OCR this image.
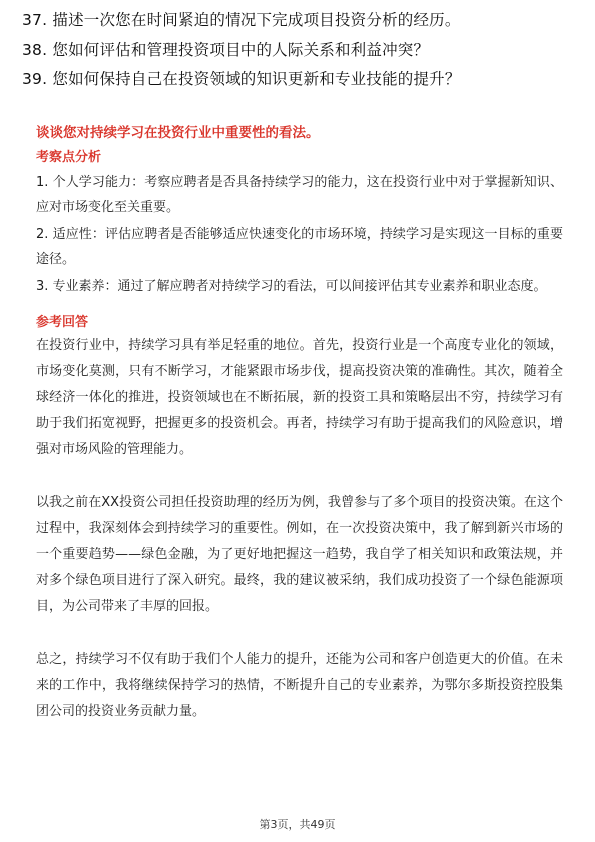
37. 描述一次您在时间紧迫的情况下完成项目投资分析的经历。
38. 您如何评估和管理投资项目中的人际关系和利益冲突？
39. 您如何保持自己在投资领域的知识更新和专业技能的提升？
谈谈您对持续学习在投资行业中重要性的看法。
考察点分析
1. 个人学习能力：考察应聘者是否具备持续学习的能力，这在投资行业中对于掌握新知识、应对市场变化至关重要。
2. 适应性：评估应聘者是否能够适应快速变化的市场环境，持续学习是实现这一目标的重要途径。
3. 专业素养：通过了解应聘者对持续学习的看法，可以间接评估其专业素养和职业态度。
参考回答
在投资行业中，持续学习具有举足轻重的地位。首先，投资行业是一个高度专业化的领域，市场变化莫测，只有不断学习，才能紧跟市场步伐，提高投资决策的准确性。其次，随着全球经济一体化的推进，投资领域也在不断拓展，新的投资工具和策略层出不穷，持续学习有助于我们拓宽视野，把握更多的投资机会。再者，持续学习有助于提高我们的风险意识，增强对市场风险的管理能力。
以我之前在XX投资公司担任投资助理的经历为例，我曾参与了多个项目的投资决策。在这个过程中，我深刻体会到持续学习的重要性。例如，在一次投资决策中，我了解到新兴市场的一个重要趋势——绿色金融，为了更好地把握这一趋势，我自学了相关知识和政策法规，并对多个绿色项目进行了深入研究。最终，我的建议被采纳，我们成功投资了一个绿色能源项目，为公司带来了丰厚的回报。
总之，持续学习不仅有助于我们个人能力的提升，还能为公司和客户创造更大的价值。在未来的工作中，我将继续保持学习的热情，不断提升自己的专业素养，为鄂尔多斯投资控股集团公司的投资业务贡献力量。
第3页，共49页
